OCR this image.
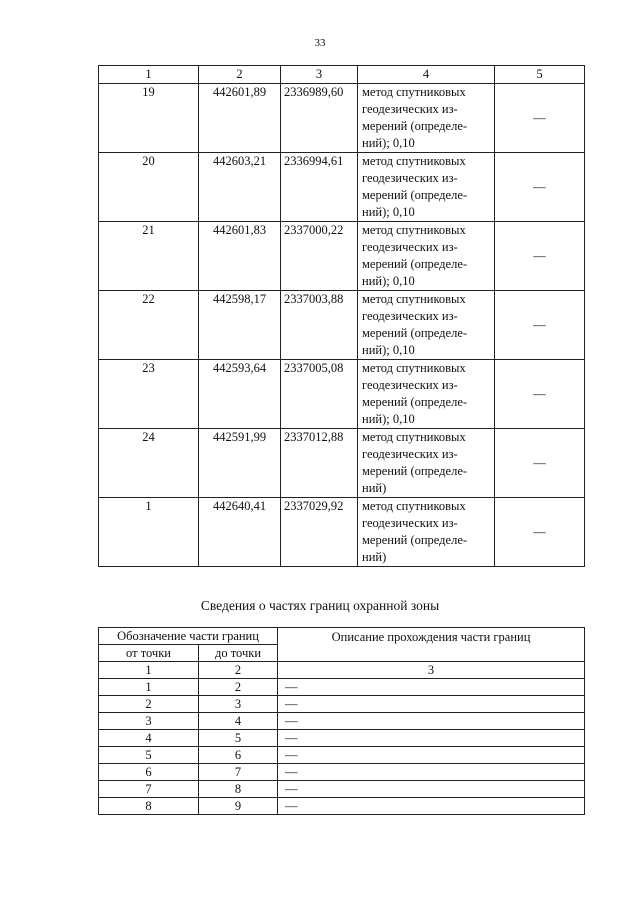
33
1	2	3	4	5
19	442601,89	2336989,60	метод спутниковых
геодезических из-
мерений (определе-
ний); 0,10	—
20	442603,21	2336994,61	метод спутниковых
геодезических из-
мерений (определе-
ний); 0,10	—
21	442601,83	2337000,22	метод спутниковых
геодезических из-
мерений (определе-
ний); 0,10	—
22	442598,17	2337003,88	метод спутниковых
геодезических из-
мерений (определе-
ний); 0,10	—
23	442593,64	2337005,08	метод спутниковых
геодезических из-
мерений (определе-
ний); 0,10	—
24	442591,99	2337012,88	метод спутниковых
геодезических из-
мерений (определе-
ний)	—
1	442640,41	2337029,92	метод спутниковых
геодезических из-
мерений (определе-
ний)	—
Сведения о частях границ охранной зоны
Обозначение части границ		Описание прохождения части границ
от точки	до точки	
1	2	3
1	2	—
2	3	—
3	4	—
4	5	—
5	6	—
6	7	—
7	8	—
8	9	—
